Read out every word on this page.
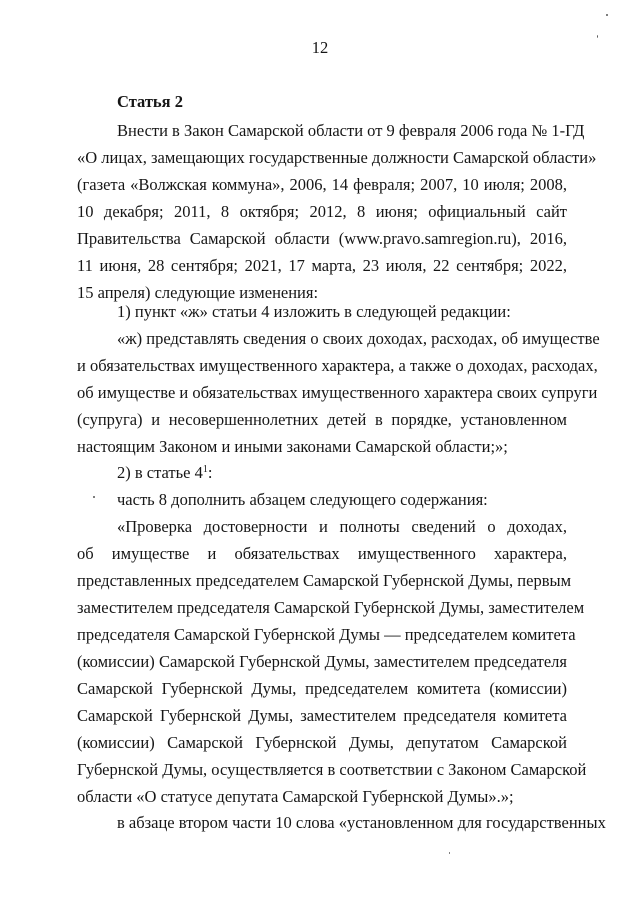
12
Статья 2
Внести в Закон Самарской области от 9 февраля 2006 года № 1-ГД
«О лицах, замещающих государственные должности Самарской области»
(газета «Волжская коммуна», 2006, 14 февраля; 2007, 10 июля; 2008,
10 декабря; 2011, 8 октября; 2012, 8 июня; официальный сайт
Правительства Самарской области (www.pravo.samregion.ru), 2016,
11 июня, 28 сентября; 2021, 17 марта, 23 июля, 22 сентября; 2022,
15 апреля) следующие изменения:
1) пункт «ж» статьи 4 изложить в следующей редакции:
«ж) представлять сведения о своих доходах, расходах, об имуществе
и обязательствах имущественного характера, а также о доходах, расходах,
об имуществе и обязательствах имущественного характера своих супруги
(супруга) и несовершеннолетних детей в порядке, установленном
настоящим Законом и иными законами Самарской области;»;
2) в статье $4^1$:
часть 8 дополнить абзацем следующего содержания:
«Проверка достоверности и полноты сведений о доходах,
об имуществе и обязательствах имущественного характера,
представленных председателем Самарской Губернской Думы, первым
заместителем председателя Самарской Губернской Думы, заместителем
председателя Самарской Губернской Думы — председателем комитета
(комиссии) Самарской Губернской Думы, заместителем председателя
Самарской Губернской Думы, председателем комитета (комиссии)
Самарской Губернской Думы, заместителем председателя комитета
(комиссии) Самарской Губернской Думы, депутатом Самарской
Губернской Думы, осуществляется в соответствии с Законом Самарской
области «О статусе депутата Самарской Губернской Думы».»;
в абзаце втором части 10 слова «установленном для государственных
